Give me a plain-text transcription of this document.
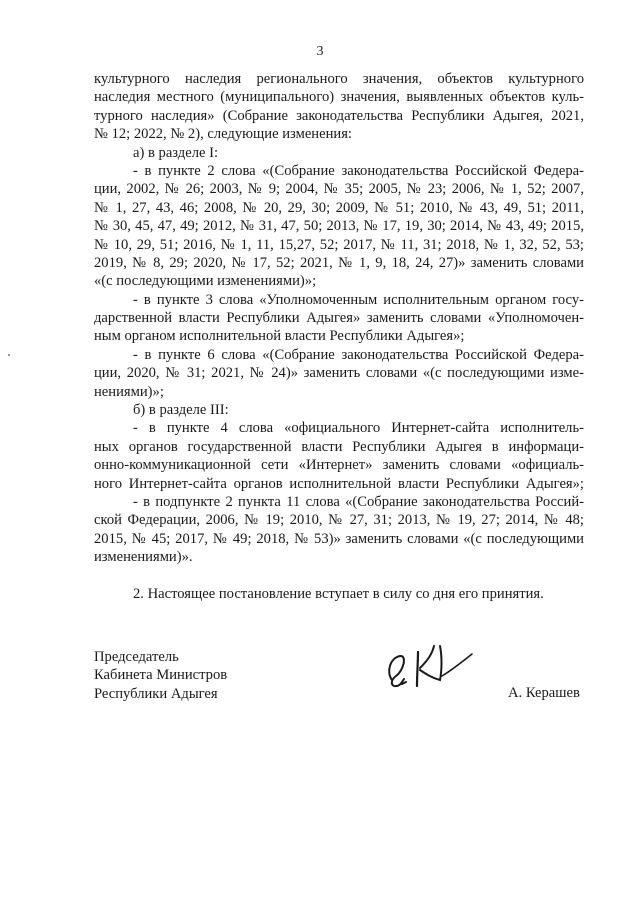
3
культурного наследия регионального значения, объектов культурного
наследия местного (муниципального) значения, выявленных объектов куль-
турного наследия» (Собрание законодательства Республики Адыгея, 2021,
№ 12; 2022, № 2), следующие изменения:
а) в разделе I:
- в пункте 2 слова «(Собрание законодательства Российской Федера-
ции, 2002, № 26; 2003, № 9; 2004, № 35; 2005, № 23; 2006, № 1, 52; 2007,
№ 1, 27, 43, 46; 2008, № 20, 29, 30; 2009, № 51; 2010, № 43, 49, 51; 2011,
№ 30, 45, 47, 49; 2012, № 31, 47, 50; 2013, № 17, 19, 30; 2014, № 43, 49; 2015,
№ 10, 29, 51; 2016, № 1, 11, 15,27, 52; 2017, № 11, 31; 2018, № 1, 32, 52, 53;
2019, № 8, 29; 2020, № 17, 52; 2021, № 1, 9, 18, 24, 27)» заменить словами
«(с последующими изменениями)»;
- в пункте 3 слова «Уполномоченным исполнительным органом госу-
дарственной власти Республики Адыгея» заменить словами «Уполномочен-
ным органом исполнительной власти Республики Адыгея»;
- в пункте 6 слова «(Собрание законодательства Российской Федера-
ции, 2020, № 31; 2021, № 24)» заменить словами «(с последующими изме-
нениями)»;
б) в разделе III:
- в пункте 4 слова «официального Интернет-сайта исполнитель-
ных органов государственной власти Республики Адыгея в информаци-
онно-коммуникационной сети «Интернет» заменить словами «официаль-
ного Интернет-сайта органов исполнительной власти Республики Адыгея»;
- в подпункте 2 пункта 11 слова «(Собрание законодательства Россий-
ской Федерации, 2006, № 19; 2010, № 27, 31; 2013, № 19, 27; 2014, № 48;
2015, № 45; 2017, № 49; 2018, № 53)» заменить словами «(с последующими
изменениями)».
2. Настоящее постановление вступает в силу со дня его принятия.
Председатель
Кабинета Министров
Республики Адыгея	А. Керашев
